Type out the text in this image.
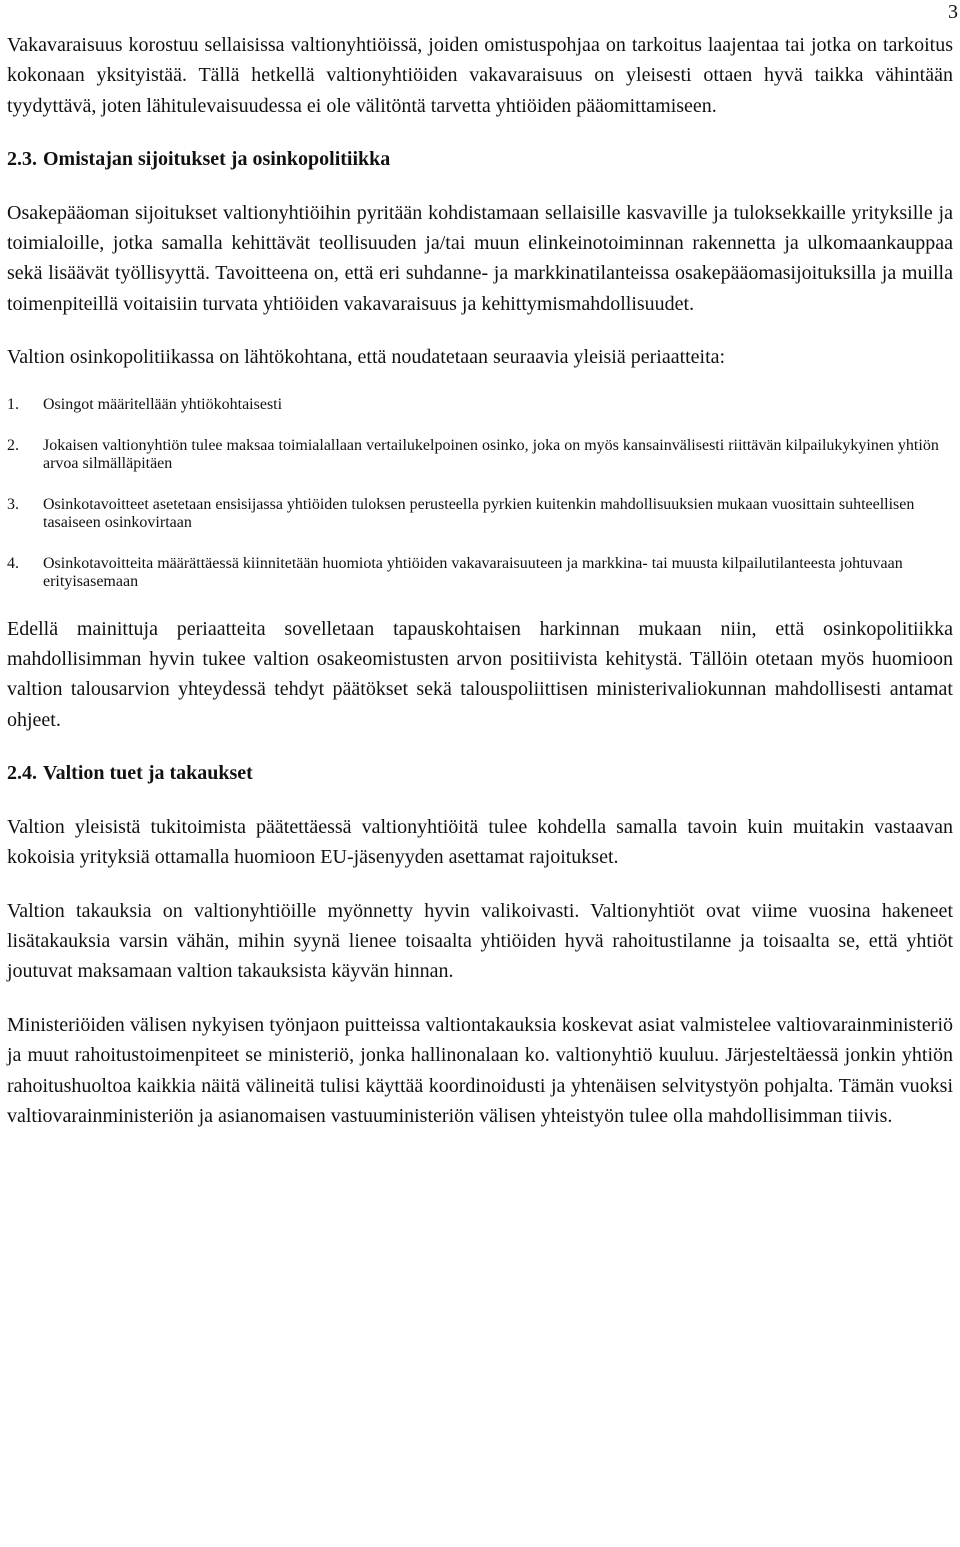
3

Vakavaraisuus korostuu sellaisissa valtionyhtiöissä, joiden omistuspohjaa on tarkoitus laajentaa tai jotka on tarkoitus kokonaan yksityistää. Tällä hetkellä valtionyhtiöiden vakavaraisuus on yleisesti ottaen hyvä taikka vähintään tyydyttävä, joten lähitulevaisuudessa ei ole välitöntä tarvetta yhtiöiden pääomittamiseen.

2.3. Omistajan sijoitukset ja osinkopolitiikka

Osakepääoman sijoitukset valtionyhtiöihin pyritään kohdistamaan sellaisille kasvaville ja tuloksekkaille yrityksille ja toimialoille, jotka samalla kehittävät teollisuuden ja/tai muun elinkeinotoiminnan rakennetta ja ulkomaankauppaa sekä lisäävät työllisyyttä. Tavoitteena on, että eri suhdanne- ja markkinatilanteissa osakepääomasijoituksilla ja muilla toimenpiteillä voitaisiin turvata yhtiöiden vakavaraisuus ja kehittymismahdollisuudet.

Valtion osinkopolitiikassa on lähtökohtana, että noudatetaan seuraavia yleisiä periaatteita:

1.	Osingot määritellään yhtiökohtaisesti
2.	Jokaisen valtionyhtiön tulee maksaa toimialallaan vertailukelpoinen osinko, joka on myös kansainvälisesti riittävän kilpailukykyinen yhtiön arvoa silmälläpitäen
3.	Osinkotavoitteet asetetaan ensisijassa yhtiöiden tuloksen perusteella pyrkien kuitenkin mahdollisuuksien mukaan vuosittain suhteellisen tasaiseen osinkovirtaan
4.	Osinkotavoitteita määrättäessä kiinnitetään huomiota yhtiöiden vakavaraisuuteen ja markkina- tai muusta kilpailutilanteesta johtuvaan erityisasemaan

Edellä mainittuja periaatteita sovelletaan tapauskohtaisen harkinnan mukaan niin, että osinkopolitiikka mahdollisimman hyvin tukee valtion osakeomistusten arvon positiivista kehitystä. Tällöin otetaan myös huomioon valtion talousarvion yhteydessä tehdyt päätökset sekä talouspoliittisen ministerivaliokunnan mahdollisesti antamat ohjeet.

2.4. Valtion tuet ja takaukset

Valtion yleisistä tukitoimista päätettäessä valtionyhtiöitä tulee kohdella samalla tavoin kuin muitakin vastaavan kokoisia yrityksiä ottamalla huomioon EU-jäsenyyden asettamat rajoitukset.

Valtion takauksia on valtionyhtiöille myönnetty hyvin valikoivasti. Valtionyhtiöt ovat viime vuosina hakeneet lisätakauksia varsin vähän, mihin syynä lienee toisaalta yhtiöiden hyvä rahoitustilanne ja toisaalta se, että yhtiöt joutuvat maksamaan valtion takauksista käyvän hinnan.

Ministeriöiden välisen nykyisen työnjaon puitteissa valtiontakauksia koskevat asiat valmistelee valtiovarainministeriö ja muut rahoitustoimenpiteet se ministeriö, jonka hallinonalaan ko. valtionyhtiö kuuluu. Järjesteltäessä jonkin yhtiön rahoitushuoltoa kaikkia näitä välineitä tulisi käyttää koordinoidusti ja yhtenäisen selvitystyön pohjalta. Tämän vuoksi valtiovarainministeriön ja asianomaisen vastuuministeriön välisen yhteistyön tulee olla mahdollisimman tiivis.
